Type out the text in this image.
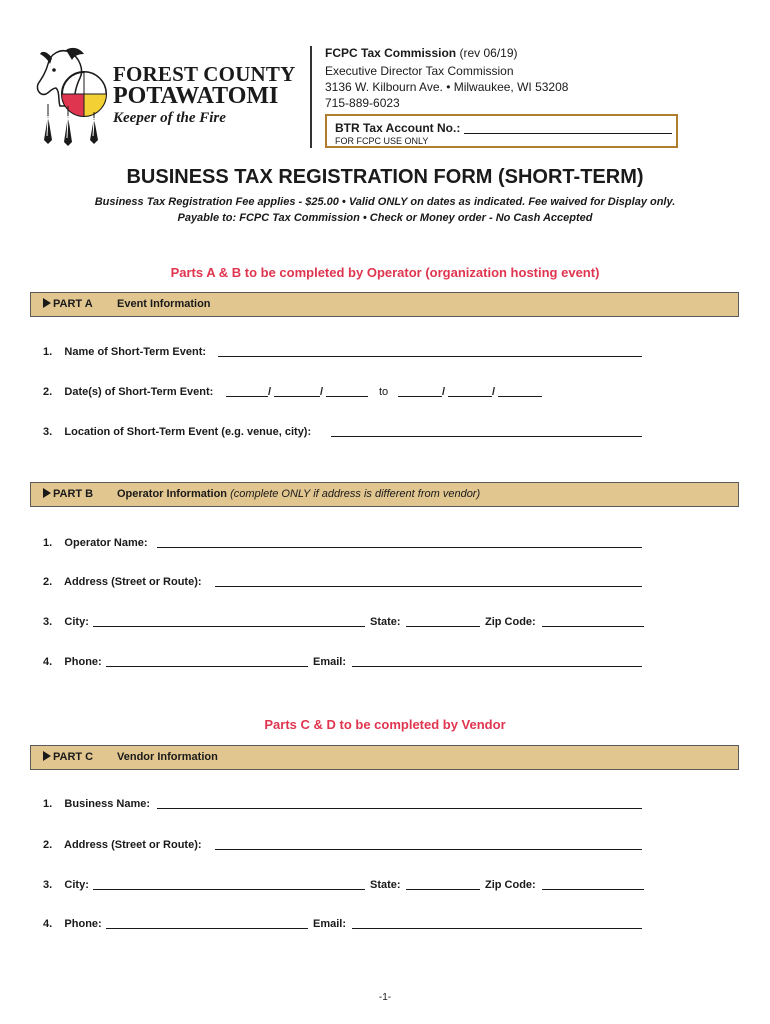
FOREST COUNTY
POTAWATOMI
Keeper of the Fire
FCPC Tax Commission (rev 06/19)
Executive Director Tax Commission
3136 W. Kilbourn Ave. • Milwaukee, WI 53208
715-889-6023
BTR Tax Account No.:
FOR FCPC USE ONLY
BUSINESS TAX REGISTRATION FORM (SHORT-TERM)
Business Tax Registration Fee applies - $25.00 • Valid ONLY on dates as indicated. Fee waived for Display only.
Payable to: FCPC Tax Commission • Check or Money order - No Cash Accepted
Parts A & B to be completed by Operator (organization hosting event)
PART A Event Information
1. Name of Short-Term Event:
2. Date(s) of Short-Term Event:	/	/	to	/	/
3. Location of Short-Term Event (e.g. venue, city):
PART B Operator Information (complete ONLY if address is different from vendor)
1. Operator Name:
2. Address (Street or Route):
3. City:	State:	Zip Code:
4. Phone:	Email:
Parts C & D to be completed by Vendor
PART C Vendor Information
1. Business Name:
2. Address (Street or Route):
3. City:	State:	Zip Code:
4. Phone:	Email:
-1-
